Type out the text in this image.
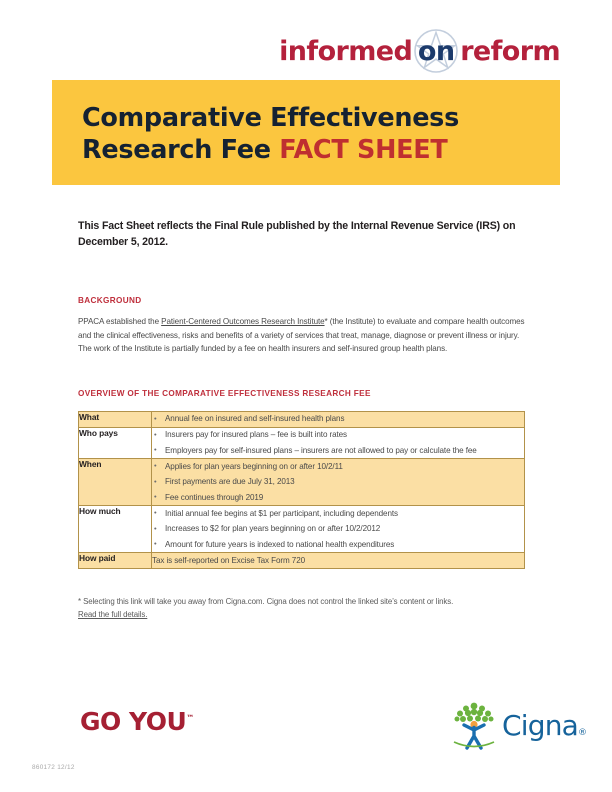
informed on reform
Comparative Effectiveness
Research Fee FACT SHEET
This Fact Sheet reflects the Final Rule published by the Internal Revenue Service (IRS) on December 5, 2012.
BACKGROUND
PPACA established the Patient-Centered Outcomes Research Institute* (the Institute) to evaluate and compare health outcomes and the clinical effectiveness, risks and benefits of a variety of services that treat, manage, diagnose or prevent illness or injury. The work of the Institute is partially funded by a fee on health insurers and self-insured group health plans.
OVERVIEW OF THE COMPARATIVE EFFECTIVENESS RESEARCH FEE
What	
•Annual fee on insured and self-insured health plans

Who pays	
•Insurers pay for insured plans – fee is built into rates
• Employers pay for self-insured plans – insurers are not allowed to pay or calculate the fee

When	
•Applies for plan years beginning on or after 10/2/11
• First payments are due July 31, 2013
• Fee continues through 2019

How much	
•Initial annual fee begins at $1 per participant, including dependents
• Increases to $2 for plan years beginning on or after 10/2/2012
• Amount for future years is indexed to national health expenditures

How paid	Tax is self-reported on Excise Tax Form 720
* Selecting this link will take you away from Cigna.com. Cigna does not control the linked site’s content or links.
Read the full details.
GO YOU™	Cigna®
860172 12/12
